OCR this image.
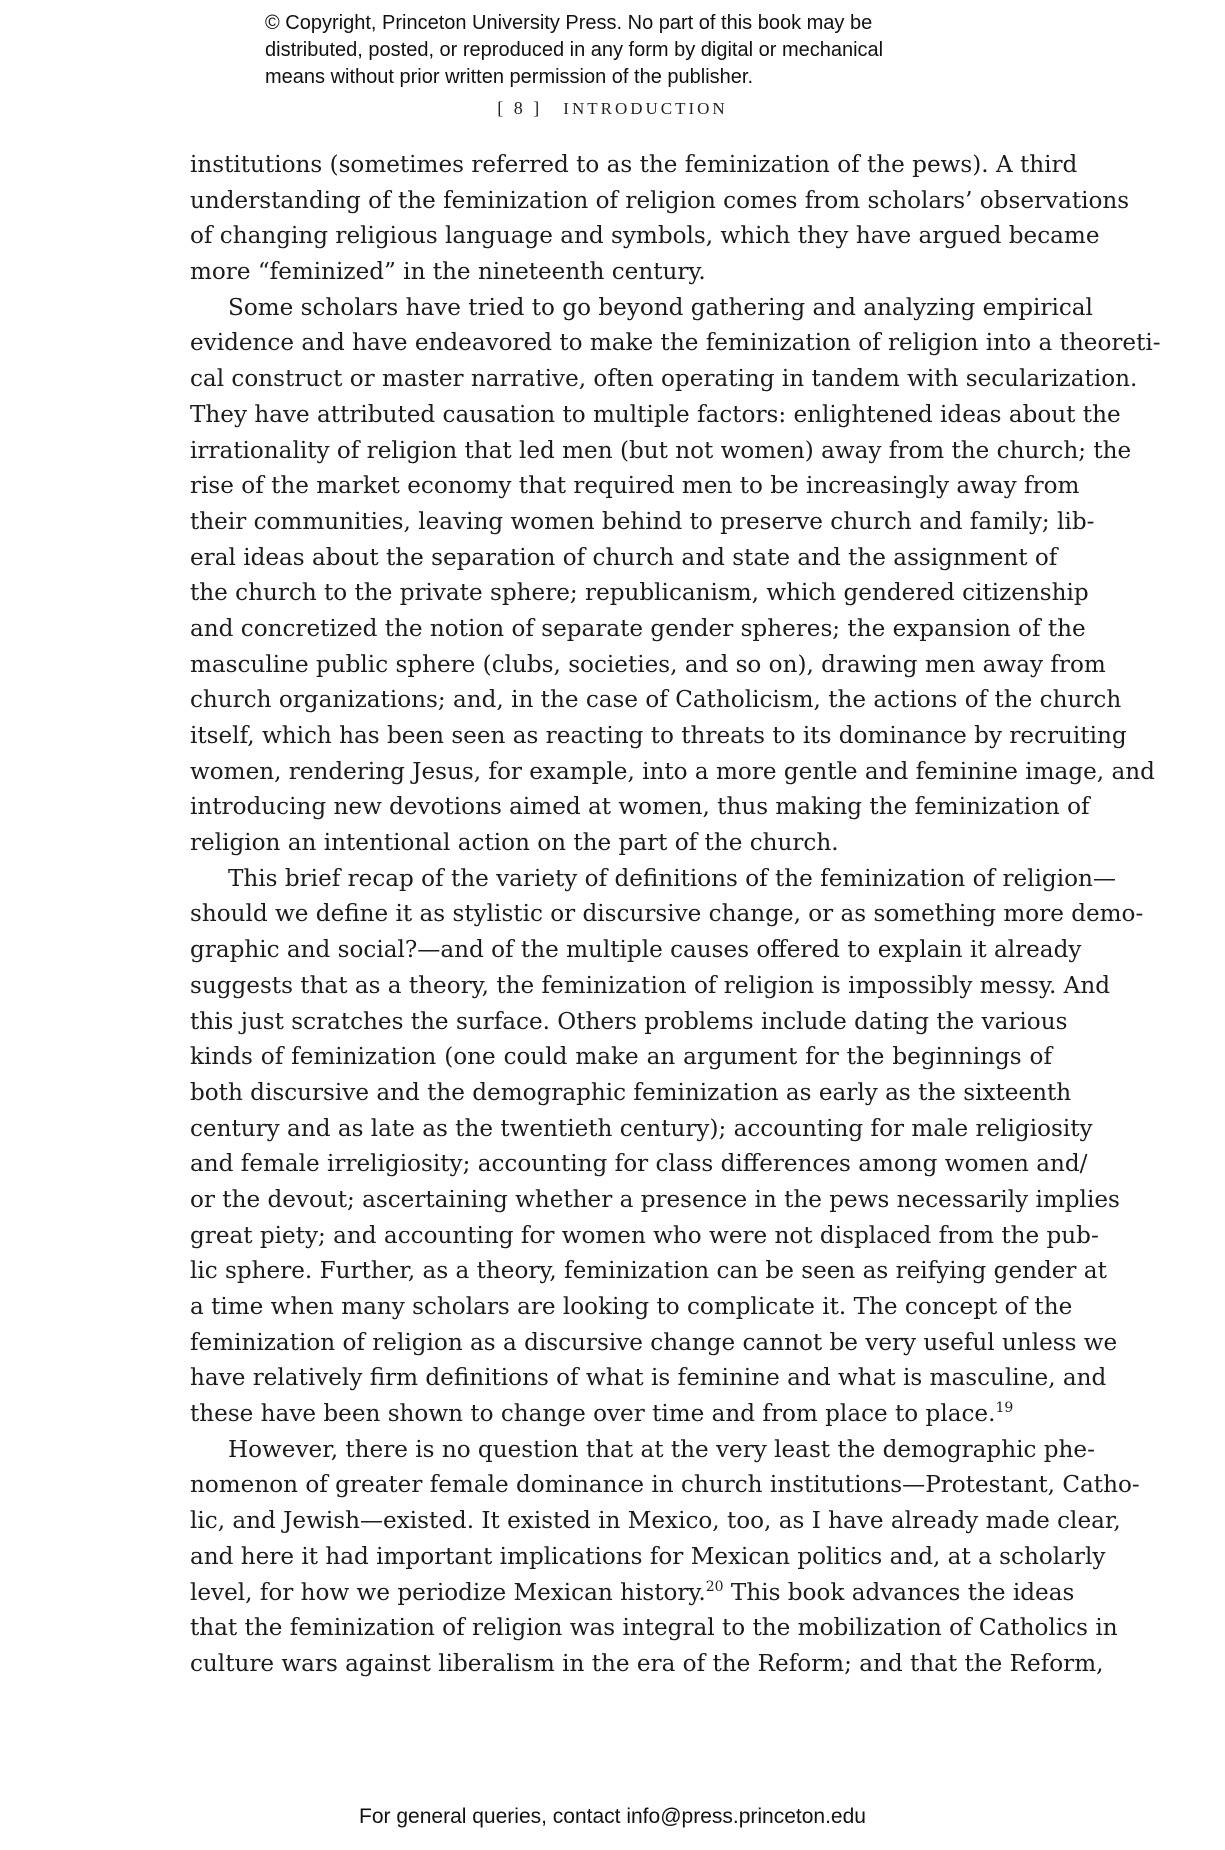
© Copyright, Princeton University Press. No part of this book may be
distributed, posted, or reproduced in any form by digital or mechanical
means without prior written permission of the publisher.
[ 8 ] INTRODUCTION
institutions (sometimes referred to as the feminization of the pews). A third
understanding of the feminization of religion comes from scholars’ observations
of changing religious language and symbols, which they have argued became
more “feminized” in the nineteenth century.
Some scholars have tried to go beyond gathering and analyzing empirical
evidence and have endeavored to make the feminization of religion into a theoreti-
cal construct or master narrative, often operating in tandem with secularization.
They have attributed causation to multiple factors: enlightened ideas about the
irrationality of religion that led men (but not women) away from the church; the
rise of the market economy that required men to be increasingly away from
their communities, leaving women behind to preserve church and family; lib-
eral ideas about the separation of church and state and the assignment of
the church to the private sphere; republicanism, which gendered citizenship
and concretized the notion of separate gender spheres; the expansion of the
masculine public sphere (clubs, societies, and so on), drawing men away from
church organizations; and, in the case of Catholicism, the actions of the church
itself, which has been seen as reacting to threats to its dominance by recruiting
women, rendering Jesus, for example, into a more gentle and feminine image, and
introducing new devotions aimed at women, thus making the feminization of
religion an intentional action on the part of the church.
This brief recap of the variety of definitions of the feminization of religion—
should we define it as stylistic or discursive change, or as something more demo-
graphic and social?—and of the multiple causes offered to explain it already
suggests that as a theory, the feminization of religion is impossibly messy. And
this just scratches the surface. Others problems include dating the various
kinds of feminization (one could make an argument for the beginnings of
both discursive and the demographic feminization as early as the sixteenth
century and as late as the twentieth century); accounting for male religiosity
and female irreligiosity; accounting for class differences among women and/
or the devout; ascertaining whether a presence in the pews necessarily implies
great piety; and accounting for women who were not displaced from the pub-
lic sphere. Further, as a theory, feminization can be seen as reifying gender at
a time when many scholars are looking to complicate it. The concept of the
feminization of religion as a discursive change cannot be very useful unless we
have relatively firm definitions of what is feminine and what is masculine, and
these have been shown to change over time and from place to place.$^{19}$
However, there is no question that at the very least the demographic phe-
nomenon of greater female dominance in church institutions—Protestant, Catho-
lic, and Jewish—existed. It existed in Mexico, too, as I have already made clear,
and here it had important implications for Mexican politics and, at a scholarly
level, for how we periodize Mexican history.$^{20}$ This book advances the ideas
that the feminization of religion was integral to the mobilization of Catholics in
culture wars against liberalism in the era of the Reform; and that the Reform,
For general queries, contact info@press.princeton.edu
